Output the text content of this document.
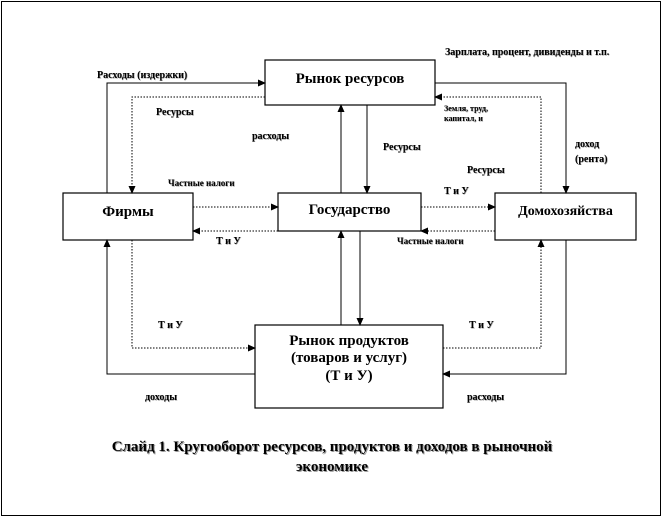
Рынок ресурсов
Фирмы	Государство	Домохозяйства
Рынок продуктов
(товаров и услуг)
(Т и У)
Зарплата, процент, дивиденды и т.п.
Расходы (издержки)
Ресурсы	Земля, труд,
капитал, и
расходы
Ресурсы	доход
(рента)
Ресурсы
Частные налоги
Т и У
Т и У	Частные налоги
Т и У	Т и У
доходы	расходы
Слайд 1. Кругооборот ресурсов, продуктов и доходов в рыночной
экономике
